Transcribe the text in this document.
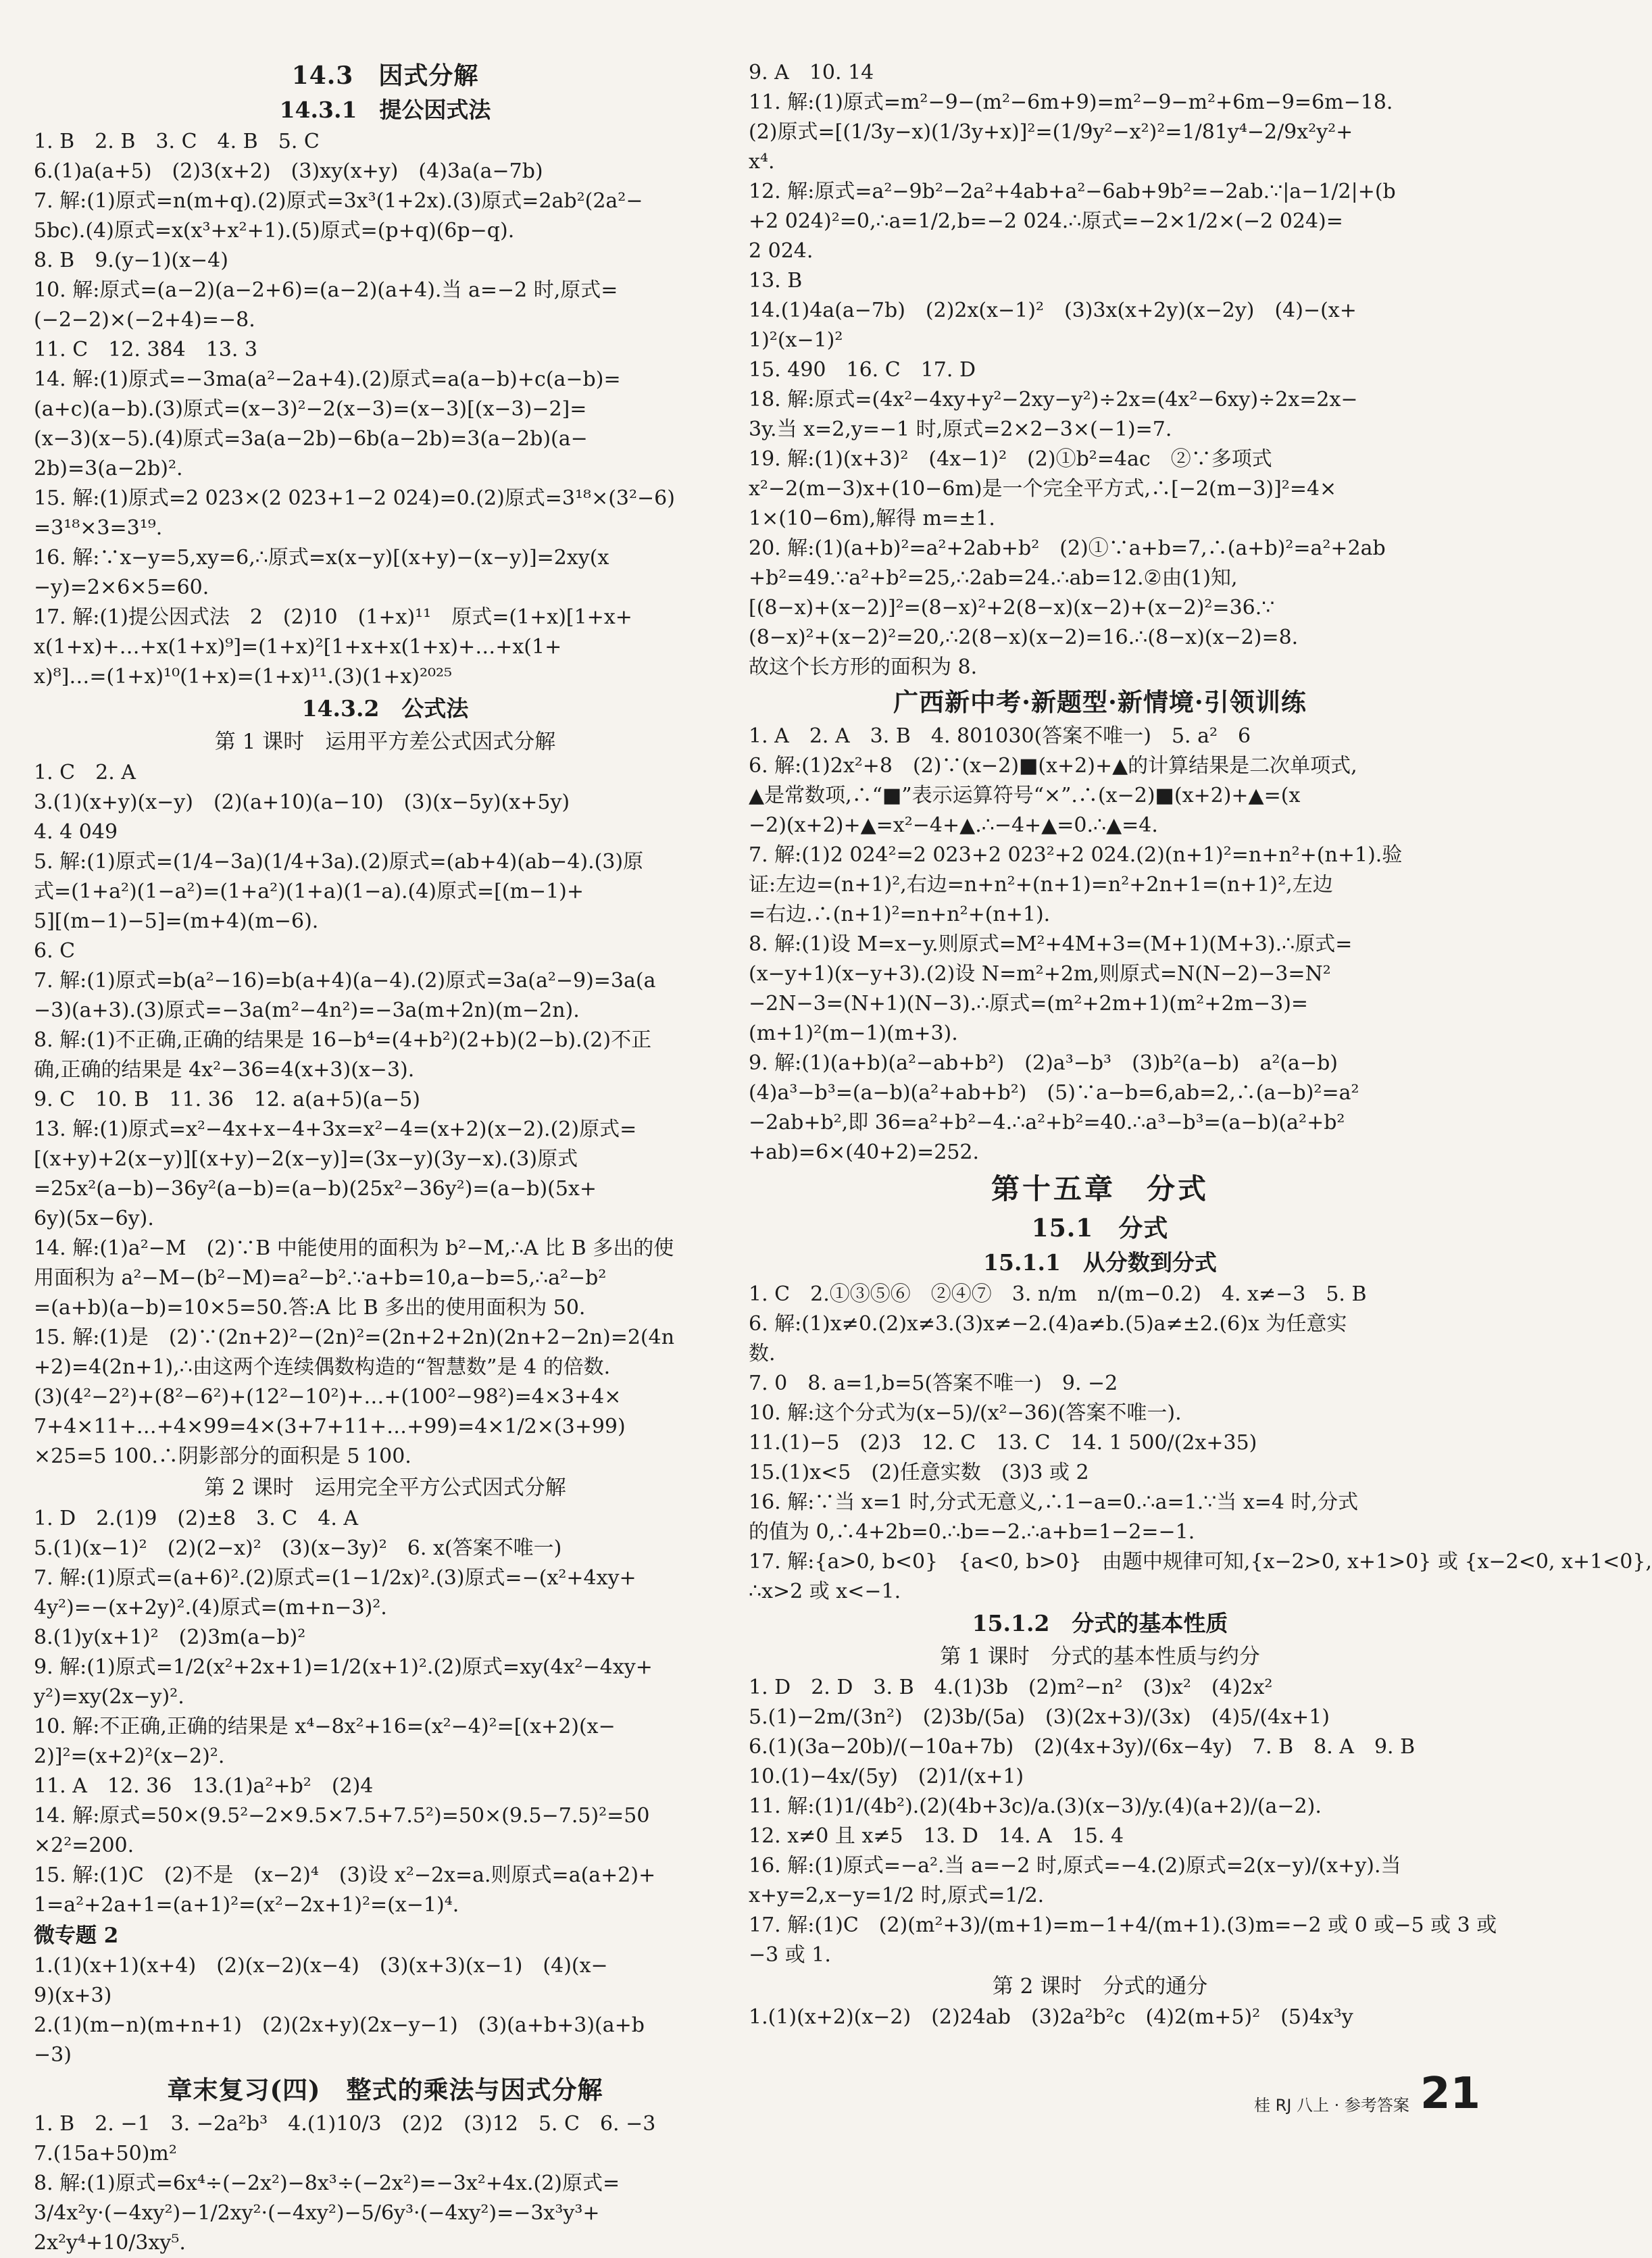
14.3　因式分解
14.3.1　提公因式法
1. B　2. B　3. C　4. B　5. C
6.(1)a(a+5)　(2)3(x+2)　(3)xy(x+y)　(4)3a(a−7b)
7. 解:(1)原式=n(m+q).(2)原式=3x³(1+2x).(3)原式=2ab²(2a²−
5bc).(4)原式=x(x³+x²+1).(5)原式=(p+q)(6p−q).
8. B　9.(y−1)(x−4)
10. 解:原式=(a−2)(a−2+6)=(a−2)(a+4).当 a=−2 时,原式=
(−2−2)×(−2+4)=−8.
11. C　12. 384　13. 3
14. 解:(1)原式=−3ma(a²−2a+4).(2)原式=a(a−b)+c(a−b)=
(a+c)(a−b).(3)原式=(x−3)²−2(x−3)=(x−3)[(x−3)−2]=
(x−3)(x−5).(4)原式=3a(a−2b)−6b(a−2b)=3(a−2b)(a−
2b)=3(a−2b)².
15. 解:(1)原式=2 023×(2 023+1−2 024)=0.(2)原式=3¹⁸×(3²−6)
=3¹⁸×3=3¹⁹.
16. 解:∵x−y=5,xy=6,∴原式=x(x−y)[(x+y)−(x−y)]=2xy(x
−y)=2×6×5=60.
17. 解:(1)提公因式法　2　(2)10　(1+x)¹¹　原式=(1+x)[1+x+
x(1+x)+…+x(1+x)⁹]=(1+x)²[1+x+x(1+x)+…+x(1+
x)⁸]…=(1+x)¹⁰(1+x)=(1+x)¹¹.(3)(1+x)²⁰²⁵
14.3.2　公式法
第 1 课时　运用平方差公式因式分解
1. C　2. A
3.(1)(x+y)(x−y)　(2)(a+10)(a−10)　(3)(x−5y)(x+5y)
4. 4 049
5. 解:(1)原式=(1/4−3a)(1/4+3a).(2)原式=(ab+4)(ab−4).(3)原
式=(1+a²)(1−a²)=(1+a²)(1+a)(1−a).(4)原式=[(m−1)+
5][(m−1)−5]=(m+4)(m−6).
6. C
7. 解:(1)原式=b(a²−16)=b(a+4)(a−4).(2)原式=3a(a²−9)=3a(a
−3)(a+3).(3)原式=−3a(m²−4n²)=−3a(m+2n)(m−2n).
8. 解:(1)不正确,正确的结果是 16−b⁴=(4+b²)(2+b)(2−b).(2)不正
确,正确的结果是 4x²−36=4(x+3)(x−3).
9. C　10. B　11. 36　12. a(a+5)(a−5)
13. 解:(1)原式=x²−4x+x−4+3x=x²−4=(x+2)(x−2).(2)原式=
[(x+y)+2(x−y)][(x+y)−2(x−y)]=(3x−y)(3y−x).(3)原式
=25x²(a−b)−36y²(a−b)=(a−b)(25x²−36y²)=(a−b)(5x+
6y)(5x−6y).
14. 解:(1)a²−M　(2)∵B 中能使用的面积为 b²−M,∴A 比 B 多出的使
用面积为 a²−M−(b²−M)=a²−b².∵a+b=10,a−b=5,∴a²−b²
=(a+b)(a−b)=10×5=50.答:A 比 B 多出的使用面积为 50.
15. 解:(1)是　(2)∵(2n+2)²−(2n)²=(2n+2+2n)(2n+2−2n)=2(4n
+2)=4(2n+1),∴由这两个连续偶数构造的“智慧数”是 4 的倍数.
(3)(4²−2²)+(8²−6²)+(12²−10²)+…+(100²−98²)=4×3+4×
7+4×11+…+4×99=4×(3+7+11+…+99)=4×1/2×(3+99)
×25=5 100.∴阴影部分的面积是 5 100.
第 2 课时　运用完全平方公式因式分解
1. D　2.(1)9　(2)±8　3. C　4. A
5.(1)(x−1)²　(2)(2−x)²　(3)(x−3y)²　6. x(答案不唯一)
7. 解:(1)原式=(a+6)².(2)原式=(1−1/2x)².(3)原式=−(x²+4xy+
4y²)=−(x+2y)².(4)原式=(m+n−3)².
8.(1)y(x+1)²　(2)3m(a−b)²
9. 解:(1)原式=1/2(x²+2x+1)=1/2(x+1)².(2)原式=xy(4x²−4xy+
y²)=xy(2x−y)².
10. 解:不正确,正确的结果是 x⁴−8x²+16=(x²−4)²=[(x+2)(x−
2)]²=(x+2)²(x−2)².
11. A　12. 36　13.(1)a²+b²　(2)4
14. 解:原式=50×(9.5²−2×9.5×7.5+7.5²)=50×(9.5−7.5)²=50
×2²=200.
15. 解:(1)C　(2)不是　(x−2)⁴　(3)设 x²−2x=a.则原式=a(a+2)+
1=a²+2a+1=(a+1)²=(x²−2x+1)²=(x−1)⁴.
微专题 2
1.(1)(x+1)(x+4)　(2)(x−2)(x−4)　(3)(x+3)(x−1)　(4)(x−
9)(x+3)
2.(1)(m−n)(m+n+1)　(2)(2x+y)(2x−y−1)　(3)(a+b+3)(a+b
−3)
章末复习(四)　整式的乘法与因式分解
1. B　2. −1　3. −2a²b³　4.(1)10/3　(2)2　(3)12　5. C　6. −3
7.(15a+50)m²
8. 解:(1)原式=6x⁴÷(−2x²)−8x³÷(−2x²)=−3x²+4x.(2)原式=
3/4x²y·(−4xy²)−1/2xy²·(−4xy²)−5/6y³·(−4xy²)=−3x³y³+
2x²y⁴+10/3xy⁵.
9. A　10. 14
11. 解:(1)原式=m²−9−(m²−6m+9)=m²−9−m²+6m−9=6m−18.
(2)原式=[(1/3y−x)(1/3y+x)]²=(1/9y²−x²)²=1/81y⁴−2/9x²y²+
x⁴.
12. 解:原式=a²−9b²−2a²+4ab+a²−6ab+9b²=−2ab.∵|a−1/2|+(b
+2 024)²=0,∴a=1/2,b=−2 024.∴原式=−2×1/2×(−2 024)=
2 024.
13. B
14.(1)4a(a−7b)　(2)2x(x−1)²　(3)3x(x+2y)(x−2y)　(4)−(x+
1)²(x−1)²
15. 490　16. C　17. D
18. 解:原式=(4x²−4xy+y²−2xy−y²)÷2x=(4x²−6xy)÷2x=2x−
3y.当 x=2,y=−1 时,原式=2×2−3×(−1)=7.
19. 解:(1)(x+3)²　(4x−1)²　(2)①b²=4ac　②∵多项式
x²−2(m−3)x+(10−6m)是一个完全平方式,∴[−2(m−3)]²=4×
1×(10−6m),解得 m=±1.
20. 解:(1)(a+b)²=a²+2ab+b²　(2)①∵a+b=7,∴(a+b)²=a²+2ab
+b²=49.∵a²+b²=25,∴2ab=24.∴ab=12.②由(1)知,
[(8−x)+(x−2)]²=(8−x)²+2(8−x)(x−2)+(x−2)²=36.∵
(8−x)²+(x−2)²=20,∴2(8−x)(x−2)=16.∴(8−x)(x−2)=8.
故这个长方形的面积为 8.
广西新中考·新题型·新情境·引领训练
1. A　2. A　3. B　4. 801030(答案不唯一)　5. a²　6
6. 解:(1)2x²+8　(2)∵(x−2)■(x+2)+▲的计算结果是二次单项式,
▲是常数项,∴“■”表示运算符号“×”.∴(x−2)■(x+2)+▲=(x
−2)(x+2)+▲=x²−4+▲.∴−4+▲=0.∴▲=4.
7. 解:(1)2 024²=2 023+2 023²+2 024.(2)(n+1)²=n+n²+(n+1).验
证:左边=(n+1)²,右边=n+n²+(n+1)=n²+2n+1=(n+1)²,左边
=右边.∴(n+1)²=n+n²+(n+1).
8. 解:(1)设 M=x−y.则原式=M²+4M+3=(M+1)(M+3).∴原式=
(x−y+1)(x−y+3).(2)设 N=m²+2m,则原式=N(N−2)−3=N²
−2N−3=(N+1)(N−3).∴原式=(m²+2m+1)(m²+2m−3)=
(m+1)²(m−1)(m+3).
9. 解:(1)(a+b)(a²−ab+b²)　(2)a³−b³　(3)b²(a−b)　a²(a−b)
(4)a³−b³=(a−b)(a²+ab+b²)　(5)∵a−b=6,ab=2,∴(a−b)²=a²
−2ab+b²,即 36=a²+b²−4.∴a²+b²=40.∴a³−b³=(a−b)(a²+b²
+ab)=6×(40+2)=252.
第十五章　分式
15.1　分式
15.1.1　从分数到分式
1. C　2.①③⑤⑥　②④⑦　3. n/m　n/(m−0.2)　4. x≠−3　5. B
6. 解:(1)x≠0.(2)x≠3.(3)x≠−2.(4)a≠b.(5)a≠±2.(6)x 为任意实
数.
7. 0　8. a=1,b=5(答案不唯一)　9. −2
10. 解:这个分式为(x−5)/(x²−36)(答案不唯一).
11.(1)−5　(2)3　12. C　13. C　14. 1 500/(2x+35)
15.(1)x<5　(2)任意实数　(3)3 或 2
16. 解:∵当 x=1 时,分式无意义,∴1−a=0.∴a=1.∵当 x=4 时,分式
的值为 0,∴4+2b=0.∴b=−2.∴a+b=1−2=−1.
17. 解:{a>0, b<0}　{a<0, b>0}　由题中规律可知,{x−2>0, x+1>0} 或 {x−2<0, x+1<0},
∴x>2 或 x<−1.
15.1.2　分式的基本性质
第 1 课时　分式的基本性质与约分
1. D　2. D　3. B　4.(1)3b　(2)m²−n²　(3)x²　(4)2x²
5.(1)−2m/(3n²)　(2)3b/(5a)　(3)(2x+3)/(3x)　(4)5/(4x+1)
6.(1)(3a−20b)/(−10a+7b)　(2)(4x+3y)/(6x−4y)　7. B　8. A　9. B
10.(1)−4x/(5y)　(2)1/(x+1)
11. 解:(1)1/(4b²).(2)(4b+3c)/a.(3)(x−3)/y.(4)(a+2)/(a−2).
12. x≠0 且 x≠5　13. D　14. A　15. 4
16. 解:(1)原式=−a².当 a=−2 时,原式=−4.(2)原式=2(x−y)/(x+y).当
x+y=2,x−y=1/2 时,原式=1/2.
17. 解:(1)C　(2)(m²+3)/(m+1)=m−1+4/(m+1).(3)m=−2 或 0 或−5 或 3 或
−3 或 1.
第 2 课时　分式的通分
1.(1)(x+2)(x−2)　(2)24ab　(3)2a²b²c　(4)2(m+5)²　(5)4x³y
桂 RJ 八上 · 参考答案 21
